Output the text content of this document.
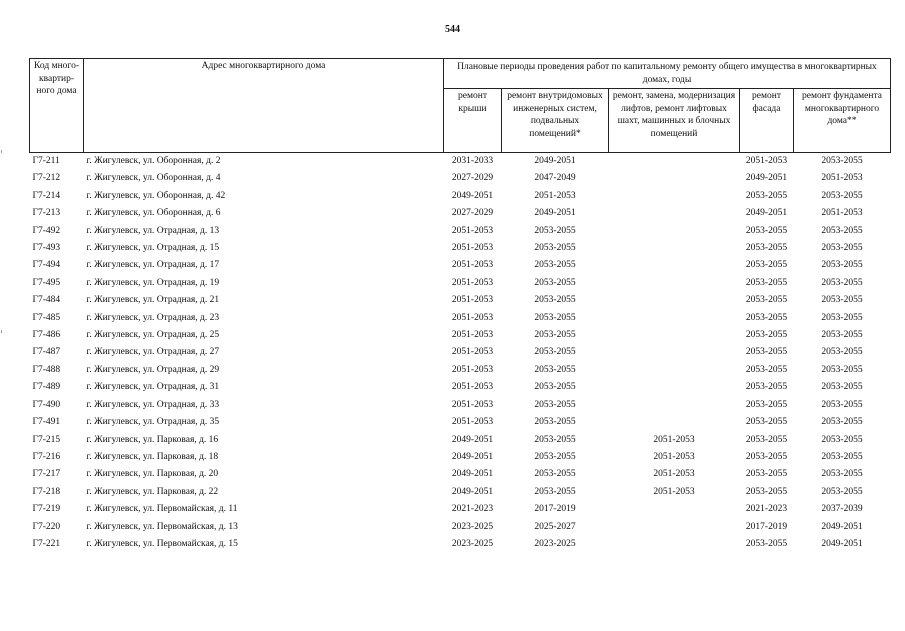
544
Код много-квартир-ного дома	Адрес многоквартирного дома	Плановые периоды проведения работ по капитальному ремонту общего имущества в многоквартирных домах, годы				
		ремонт крыши	ремонт внутридомовых инженерных систем, подвальных помещений*	ремонт, замена, модернизация лифтов, ремонт лифтовых шахт, машинных и блочных помещений	ремонт фасада	ремонт фундамента многоквартирного дома**
Г7-211	г. Жигулевск, ул. Оборонная, д. 2	2031-2033	2049-2051		2051-2053	2053-2055
Г7-212	г. Жигулевск, ул. Оборонная, д. 4	2027-2029	2047-2049		2049-2051	2051-2053
Г7-214	г. Жигулевск, ул. Оборонная, д. 42	2049-2051	2051-2053		2053-2055	2053-2055
Г7-213	г. Жигулевск, ул. Оборонная, д. 6	2027-2029	2049-2051		2049-2051	2051-2053
Г7-492	г. Жигулевск, ул. Отрадная, д. 13	2051-2053	2053-2055		2053-2055	2053-2055
Г7-493	г. Жигулевск, ул. Отрадная, д. 15	2051-2053	2053-2055		2053-2055	2053-2055
Г7-494	г. Жигулевск, ул. Отрадная, д. 17	2051-2053	2053-2055		2053-2055	2053-2055
Г7-495	г. Жигулевск, ул. Отрадная, д. 19	2051-2053	2053-2055		2053-2055	2053-2055
Г7-484	г. Жигулевск, ул. Отрадная, д. 21	2051-2053	2053-2055		2053-2055	2053-2055
Г7-485	г. Жигулевск, ул. Отрадная, д. 23	2051-2053	2053-2055		2053-2055	2053-2055
Г7-486	г. Жигулевск, ул. Отрадная, д. 25	2051-2053	2053-2055		2053-2055	2053-2055
Г7-487	г. Жигулевск, ул. Отрадная, д. 27	2051-2053	2053-2055		2053-2055	2053-2055
Г7-488	г. Жигулевск, ул. Отрадная, д. 29	2051-2053	2053-2055		2053-2055	2053-2055
Г7-489	г. Жигулевск, ул. Отрадная, д. 31	2051-2053	2053-2055		2053-2055	2053-2055
Г7-490	г. Жигулевск, ул. Отрадная, д. 33	2051-2053	2053-2055		2053-2055	2053-2055
Г7-491	г. Жигулевск, ул. Отрадная, д. 35	2051-2053	2053-2055		2053-2055	2053-2055
Г7-215	г. Жигулевск, ул. Парковая, д. 16	2049-2051	2053-2055	2051-2053	2053-2055	2053-2055
Г7-216	г. Жигулевск, ул. Парковая, д. 18	2049-2051	2053-2055	2051-2053	2053-2055	2053-2055
Г7-217	г. Жигулевск, ул. Парковая, д. 20	2049-2051	2053-2055	2051-2053	2053-2055	2053-2055
Г7-218	г. Жигулевск, ул. Парковая, д. 22	2049-2051	2053-2055	2051-2053	2053-2055	2053-2055
Г7-219	г. Жигулевск, ул. Первомайская, д. 11	2021-2023	2017-2019		2021-2023	2037-2039
Г7-220	г. Жигулевск, ул. Первомайская, д. 13	2023-2025	2025-2027		2017-2019	2049-2051
Г7-221	г. Жигулевск, ул. Первомайская, д. 15	2023-2025	2023-2025		2053-2055	2049-2051
